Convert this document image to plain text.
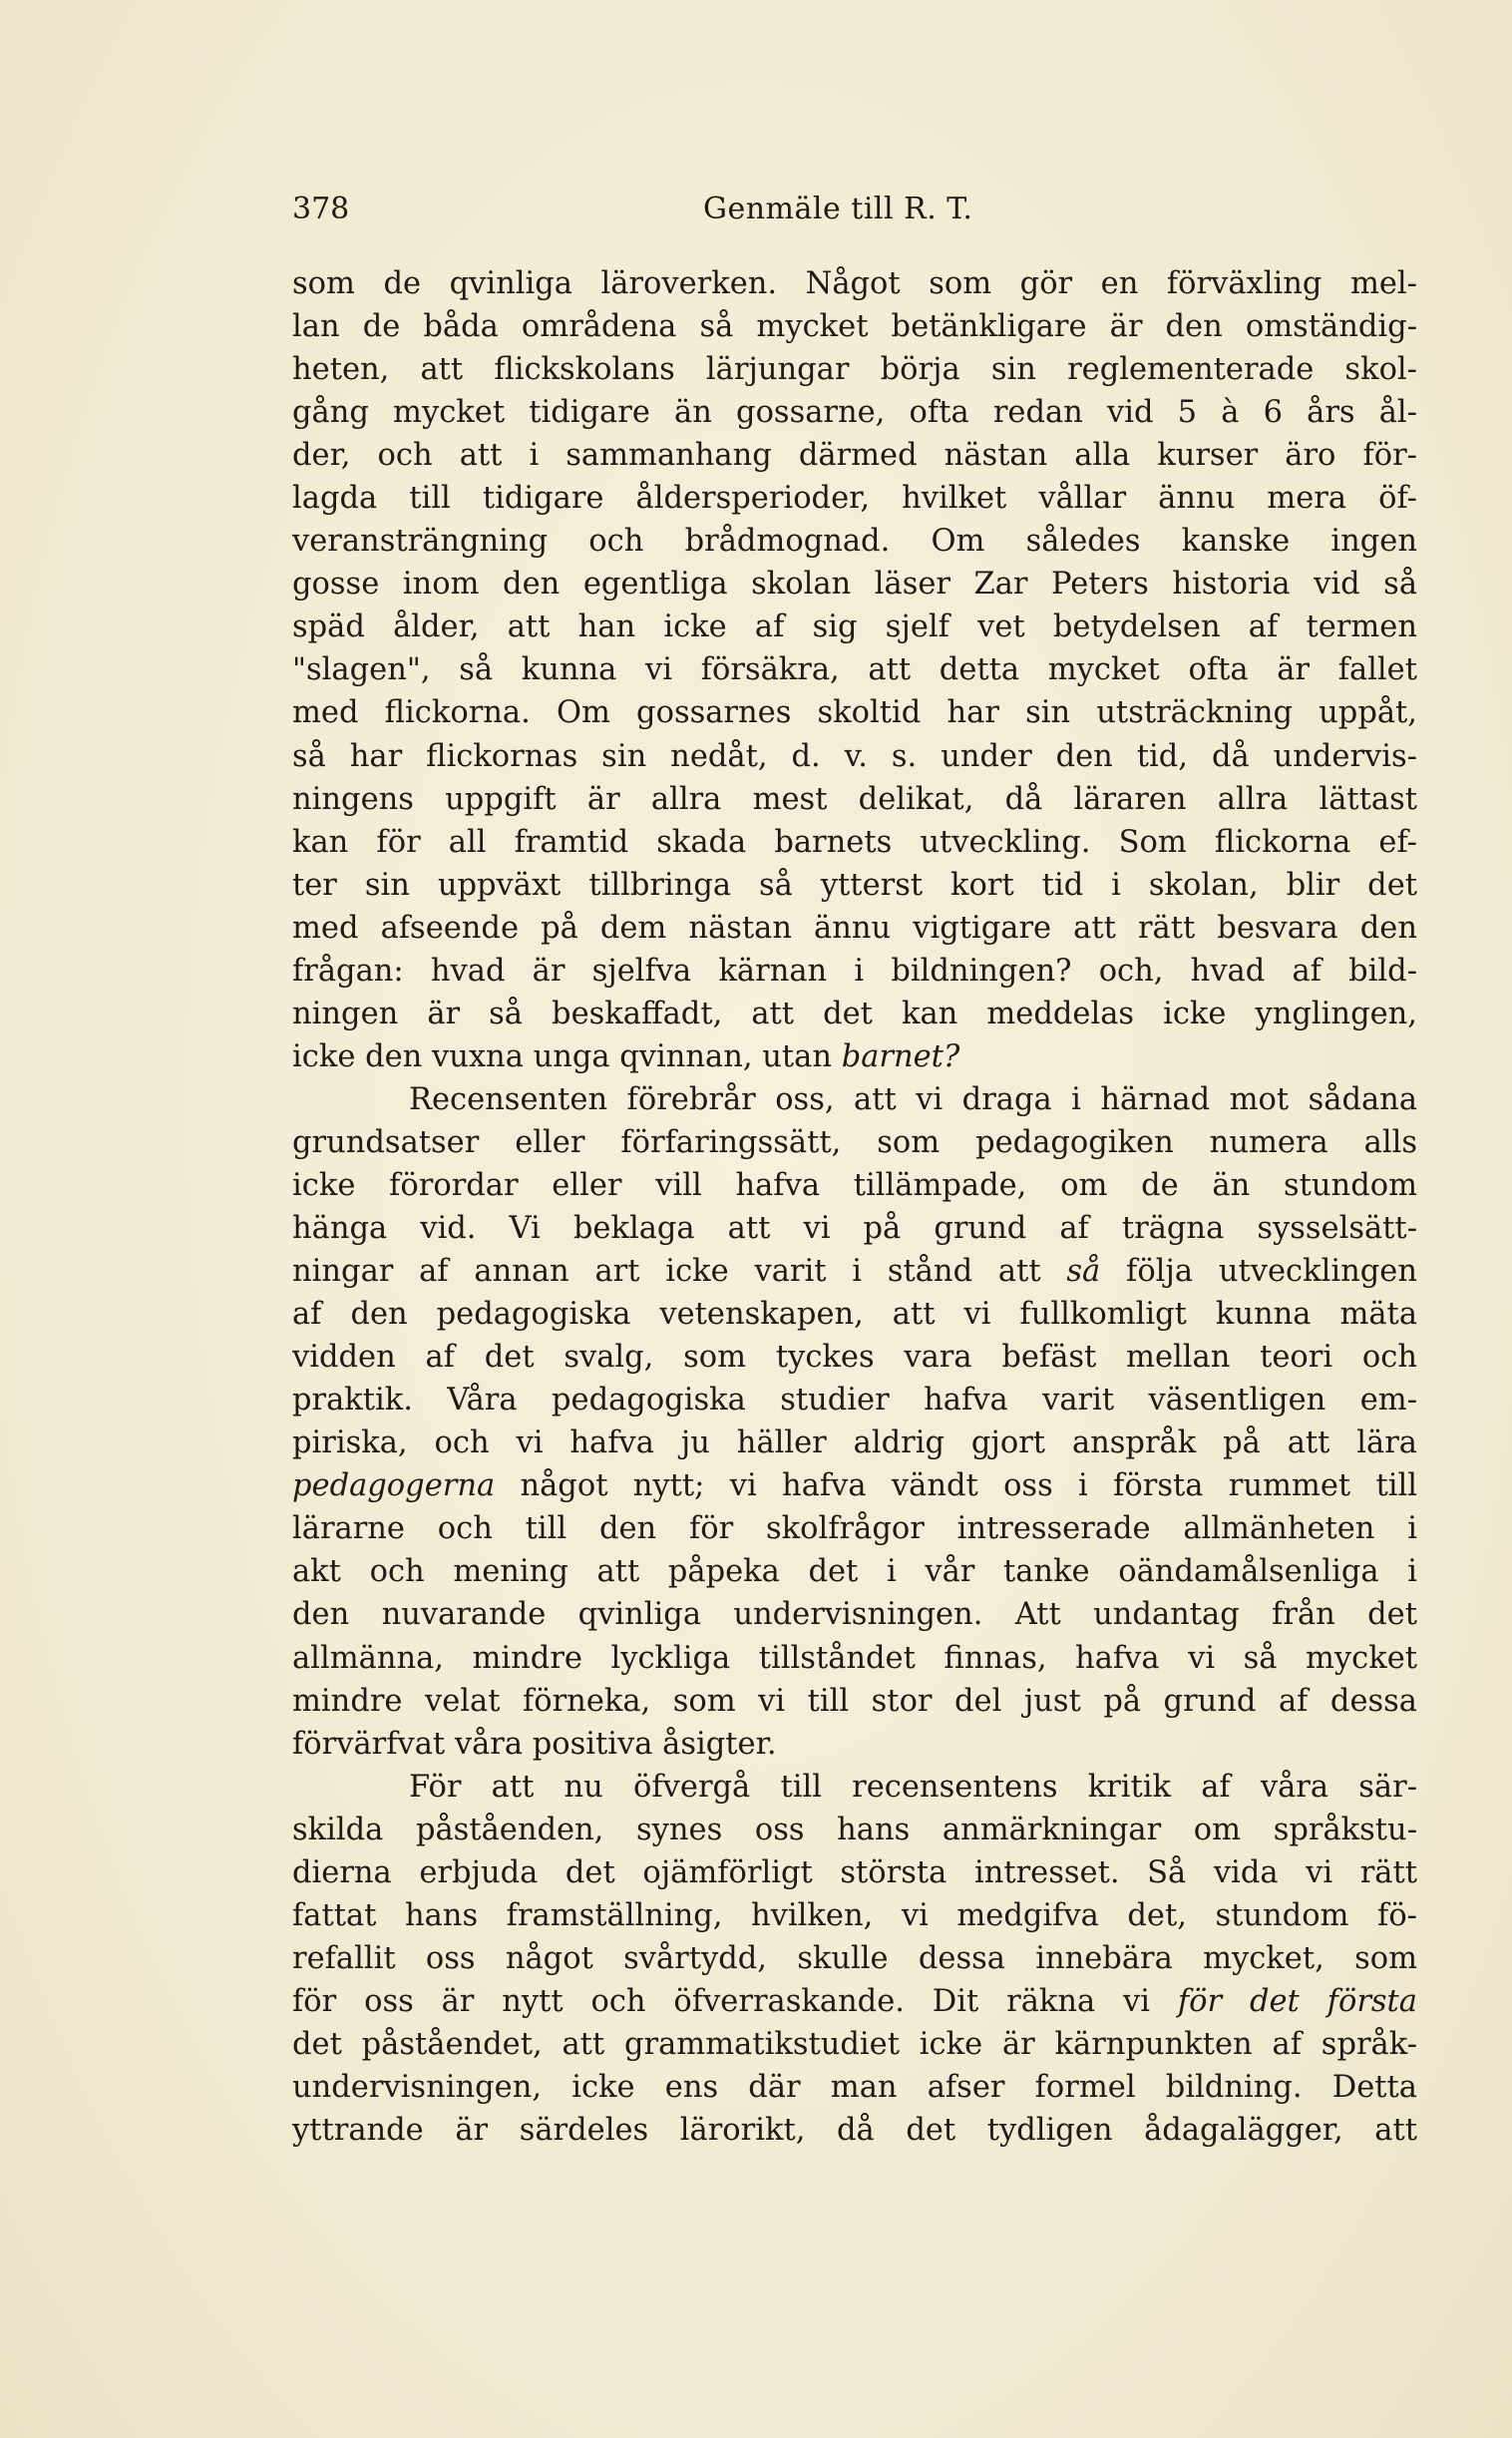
378	Genmäle till R. T.
som de qvinliga läroverken. Något som gör en förväxling mel-
lan de båda områdena så mycket betänkligare är den omständig-
heten, att flickskolans lärjungar börja sin reglementerade skol-
gång mycket tidigare än gossarne, ofta redan vid 5 à 6 års ål-
der, och att i sammanhang därmed nästan alla kurser äro för-
lagda till tidigare åldersperioder, hvilket vållar ännu mera öf-
veransträngning och brådmognad. Om således kanske ingen
gosse inom den egentliga skolan läser Zar Peters historia vid så
späd ålder, att han icke af sig sjelf vet betydelsen af termen
"slagen", så kunna vi försäkra, att detta mycket ofta är fallet
med flickorna. Om gossarnes skoltid har sin utsträckning uppåt,
så har flickornas sin nedåt, d. v. s. under den tid, då undervis-
ningens uppgift är allra mest delikat, då läraren allra lättast
kan för all framtid skada barnets utveckling. Som flickorna ef-
ter sin uppväxt tillbringa så ytterst kort tid i skolan, blir det
med afseende på dem nästan ännu vigtigare att rätt besvara den
frågan: hvad är sjelfva kärnan i bildningen? och, hvad af bild-
ningen är så beskaffadt, att det kan meddelas icke ynglingen,
icke den vuxna unga qvinnan, utan barnet?
Recensenten förebrår oss, att vi draga i härnad mot sådana
grundsatser eller förfaringssätt, som pedagogiken numera alls
icke förordar eller vill hafva tillämpade, om de än stundom
hänga vid. Vi beklaga att vi på grund af trägna sysselsätt-
ningar af annan art icke varit i stånd att så följa utvecklingen
af den pedagogiska vetenskapen, att vi fullkomligt kunna mäta
vidden af det svalg, som tyckes vara befäst mellan teori och
praktik. Våra pedagogiska studier hafva varit väsentligen em-
piriska, och vi hafva ju häller aldrig gjort anspråk på att lära
pedagogerna något nytt; vi hafva vändt oss i första rummet till
lärarne och till den för skolfrågor intresserade allmänheten i
akt och mening att påpeka det i vår tanke oändamålsenliga i
den nuvarande qvinliga undervisningen. Att undantag från det
allmänna, mindre lyckliga tillståndet finnas, hafva vi så mycket
mindre velat förneka, som vi till stor del just på grund af dessa
förvärfvat våra positiva åsigter.
För att nu öfvergå till recensentens kritik af våra sär-
skilda påståenden, synes oss hans anmärkningar om språkstu-
dierna erbjuda det ojämförligt största intresset. Så vida vi rätt
fattat hans framställning, hvilken, vi medgifva det, stundom fö-
refallit oss något svårtydd, skulle dessa innebära mycket, som
för oss är nytt och öfverraskande. Dit räkna vi för det första
det påståendet, att grammatikstudiet icke är kärnpunkten af språk-
undervisningen, icke ens där man afser formel bildning. Detta
yttrande är särdeles lärorikt, då det tydligen ådagalägger, att
